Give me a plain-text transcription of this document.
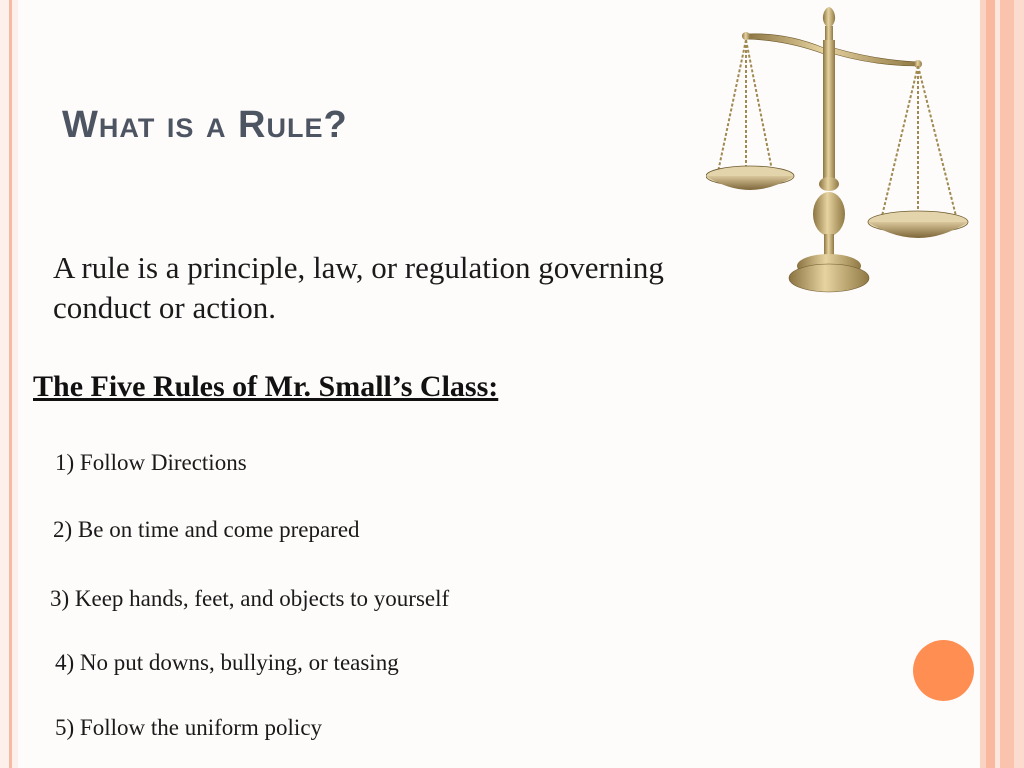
What is a Rule?

A rule is a principle, law, or regulation governing conduct or action.

The Five Rules of Mr. Small’s Class:
1) Follow Directions
2) Be on time and come prepared
3) Keep hands, feet, and objects to yourself
4) No put downs, bullying, or teasing
5) Follow the uniform policy
